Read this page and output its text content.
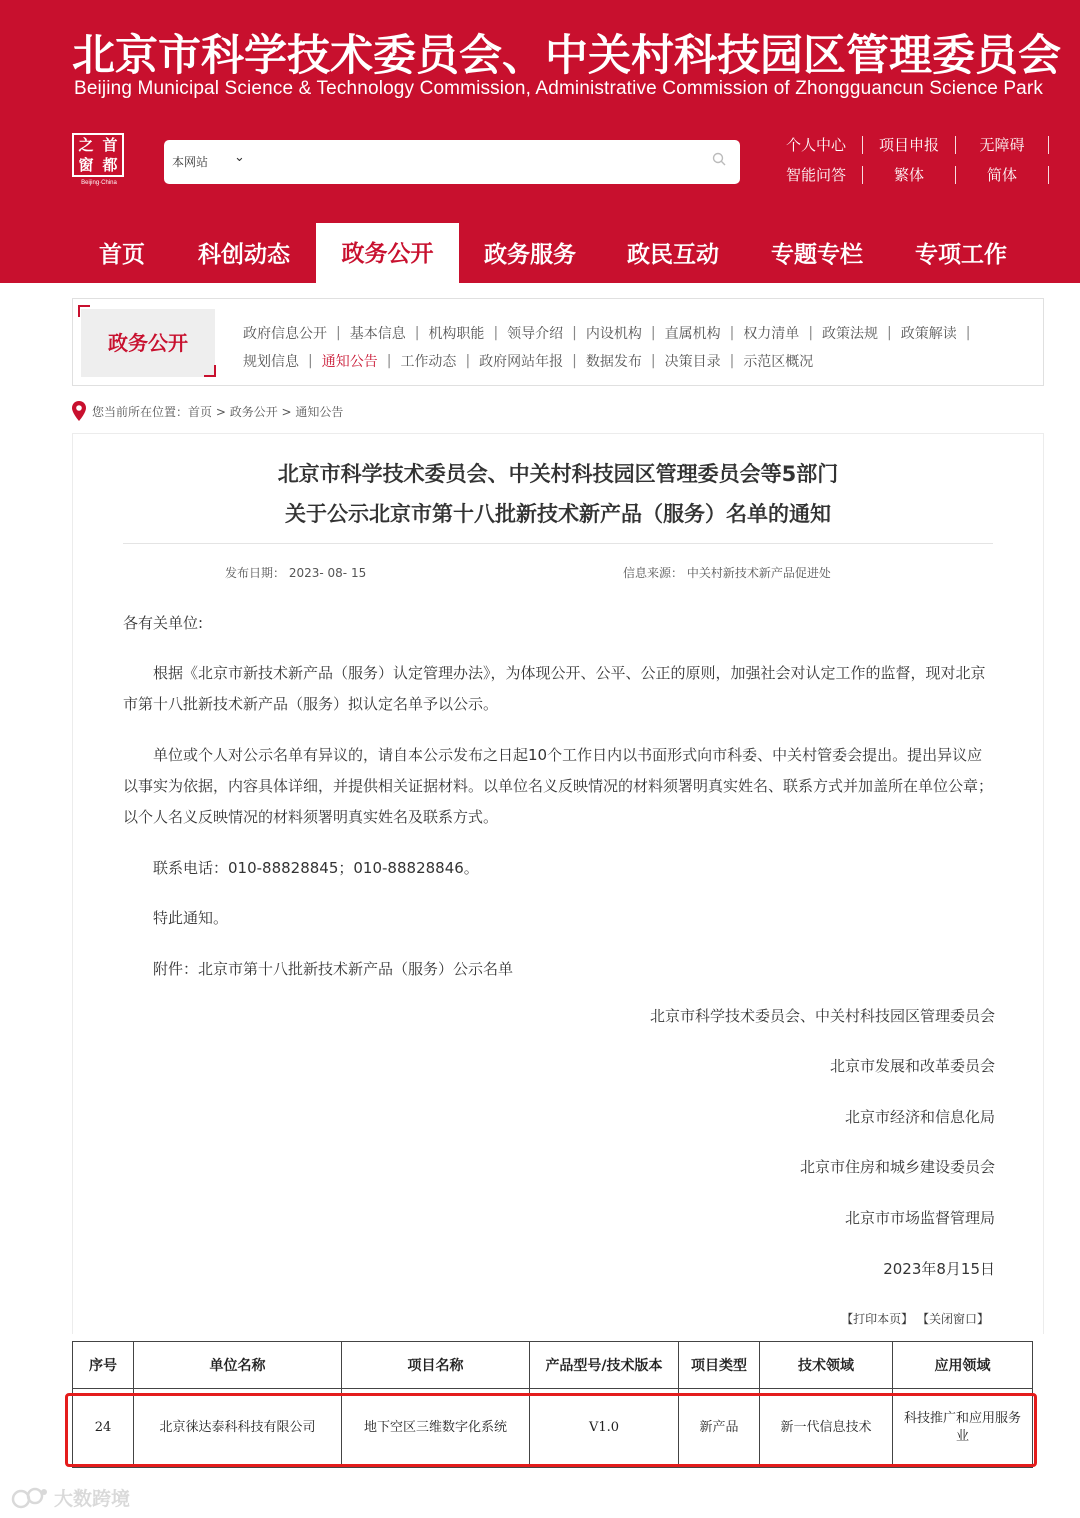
北京市科学技术委员会、中关村科技园区管理委员会
Beijing Municipal Science & Technology Commission, Administrative Commission of Zhongguancun Science Park
之 首
窗 都
Beijing·China
本网站 ⌄
个人中心	项目申报	无障碍
智能问答	繁体	简体
首页	科创动态	政务公开	政务服务	政民互动	专题专栏	专项工作
政务公开	政府信息公开 | 基本信息 | 机构职能 | 领导介绍 | 内设机构 | 直属机构 | 权力清单 | 政策法规 | 政策解读 |
规划信息 | 通知公告 | 工作动态 | 政府网站年报 | 数据发布 | 决策目录 | 示范区概况
您当前所在位置： 首页 > 政务公开 > 通知公告
北京市科学技术委员会、中关村科技园区管理委员会等5部门
关于公示北京市第十八批新技术新产品（服务）名单的通知
发布日期： 2023- 08- 15	信息来源： 中关村新技术新产品促进处
各有关单位:
根据《北京市新技术新产品（服务）认定管理办法》，为体现公开、公平、公正的原则，加强社会对认定工作的监督，现对北京市第十八批新技术新产品（服务）拟认定名单予以公示。
单位或个人对公示名单有异议的，请自本公示发布之日起10个工作日内以书面形式向市科委、中关村管委会提出。提出异议应以事实为依据，内容具体详细，并提供相关证据材料。以单位名义反映情况的材料须署明真实姓名、联系方式并加盖所在单位公章；以个人名义反映情况的材料须署明真实姓名及联系方式。
联系电话：010-88828845；010-88828846。
特此通知。
附件：北京市第十八批新技术新产品（服务）公示名单
北京市科学技术委员会、中关村科技园区管理委员会
北京市发展和改革委员会
北京市经济和信息化局
北京市住房和城乡建设委员会
北京市市场监督管理局
2023年8月15日
【打印本页】 【关闭窗口】
序号	单位名称	项目名称	产品型号/技术版本	项目类型	技术领域	应用领域
24	北京徕达泰科科技有限公司	地下空区三维数字化系统	V1.0	新产品	新一代信息技术	科技推广和应用服务业
大数跨境
